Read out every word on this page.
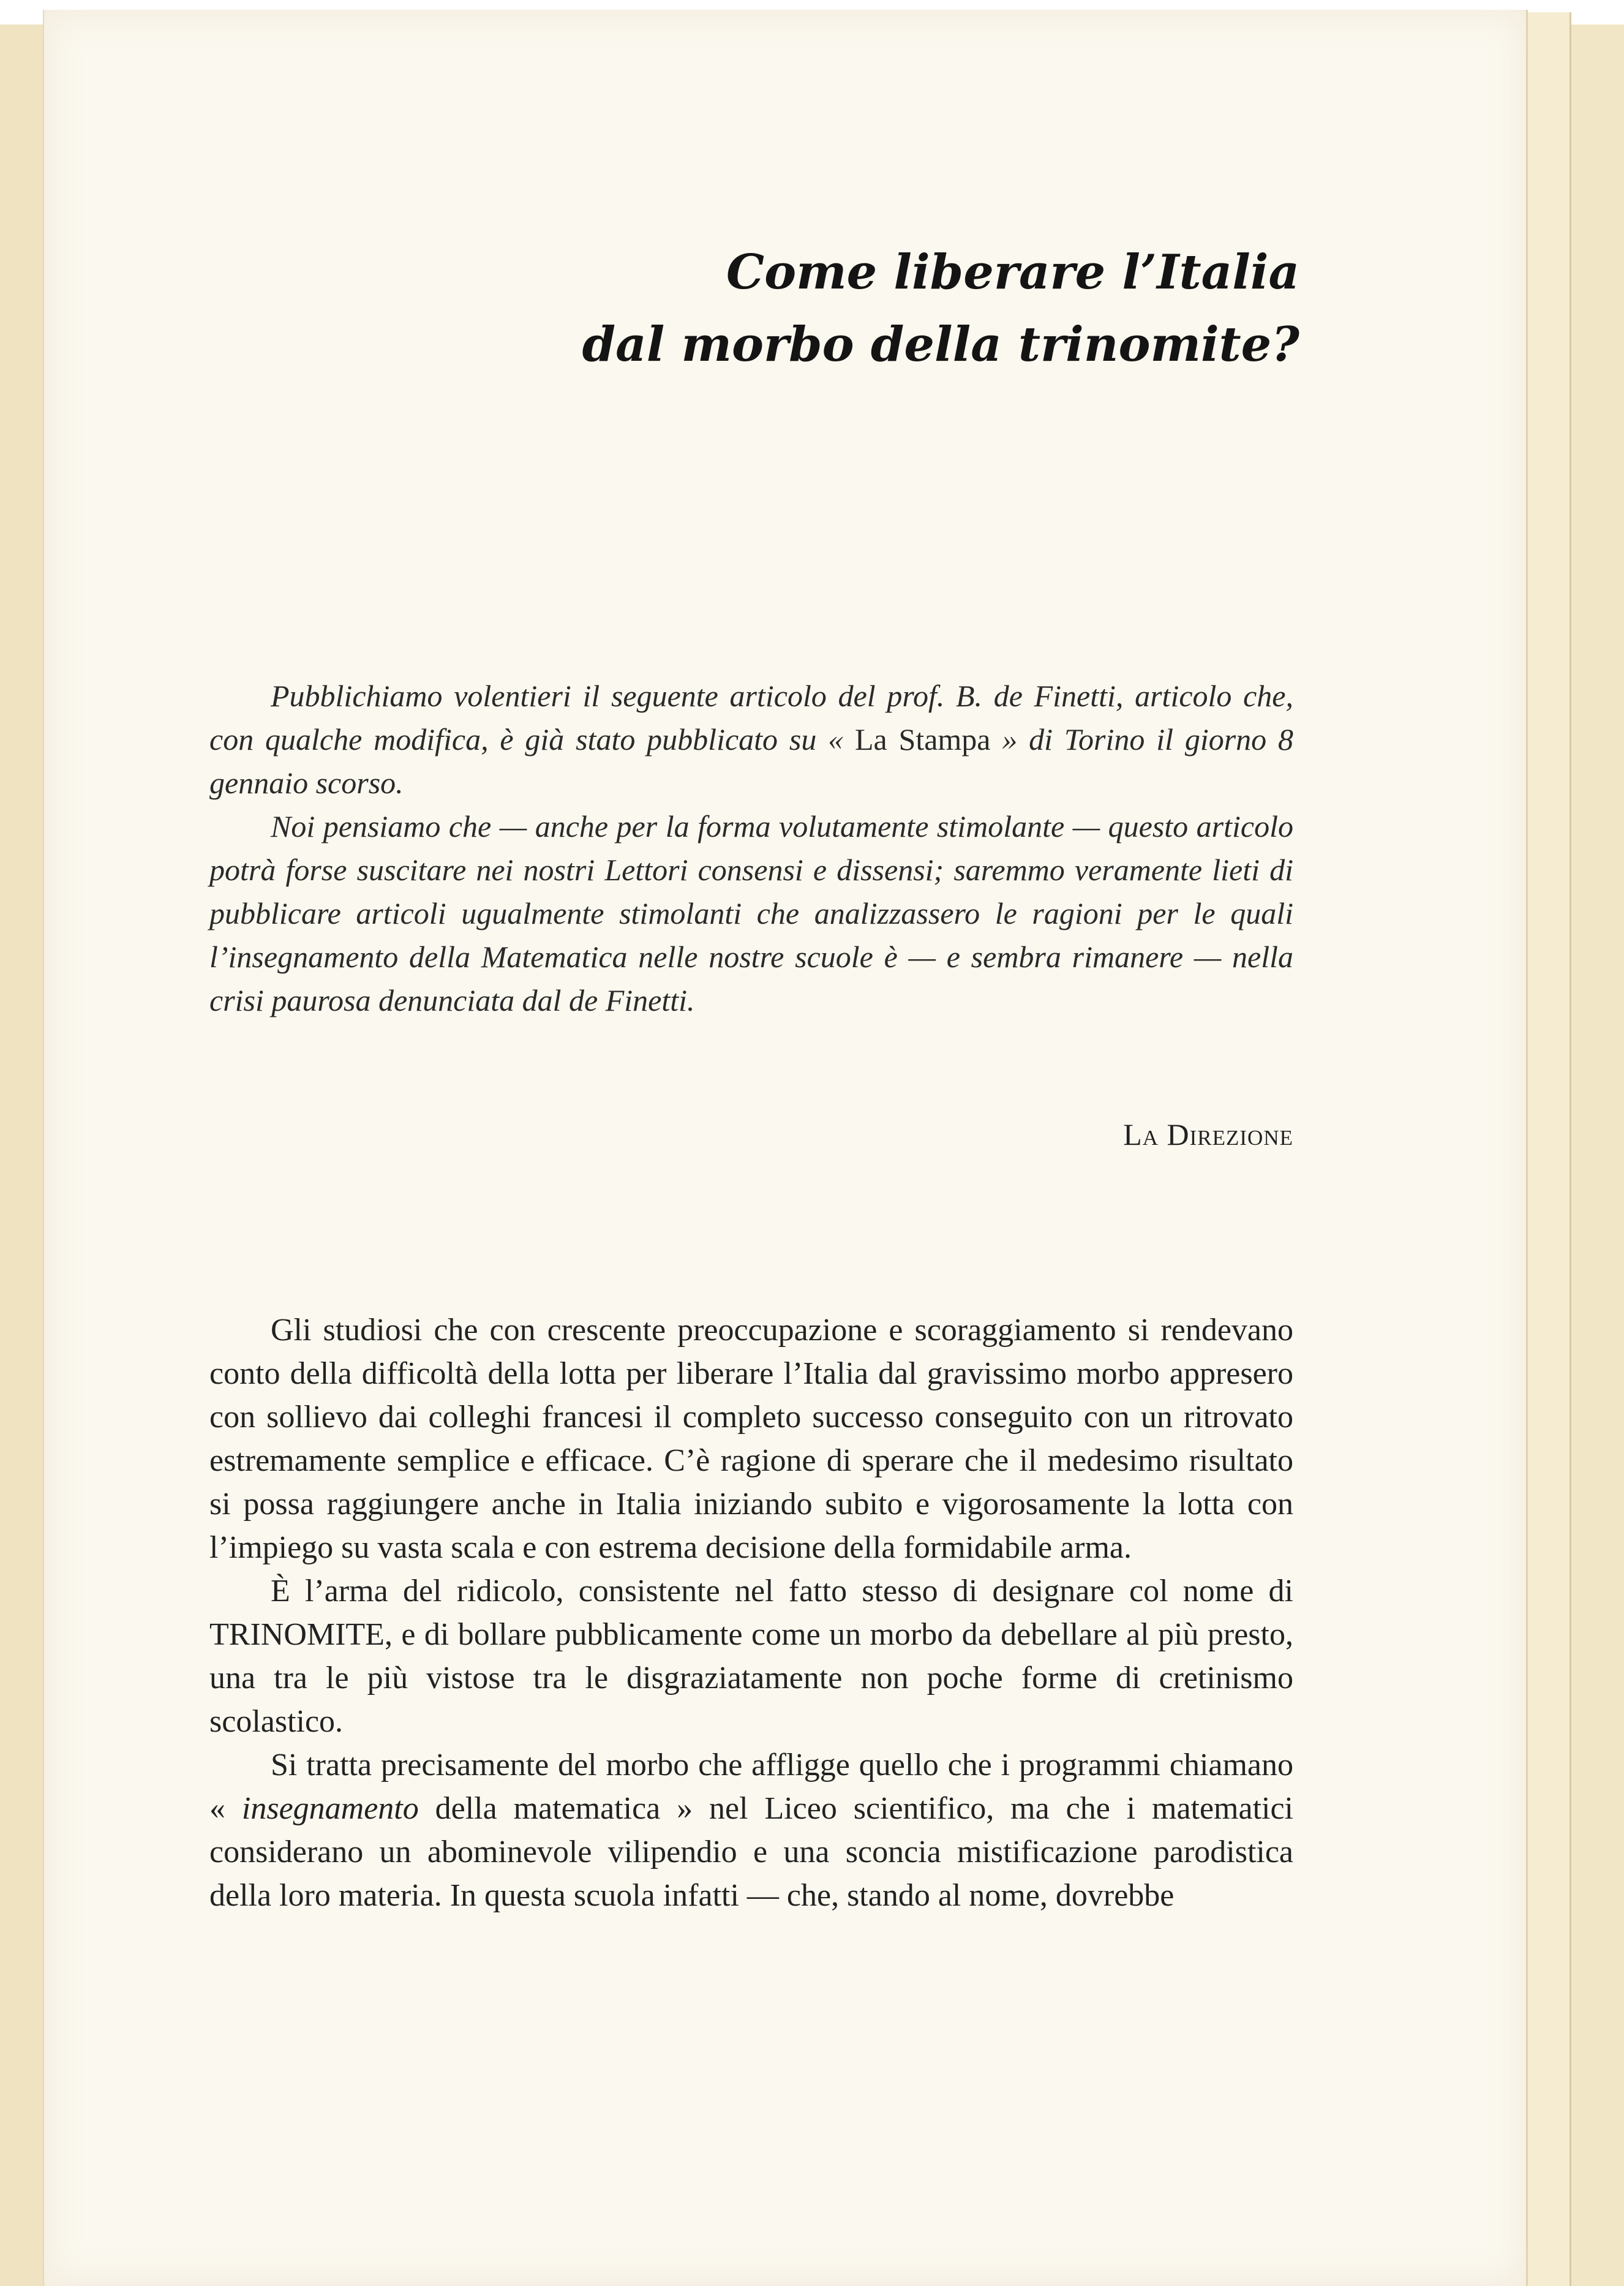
Come liberare l’Italia
dal morbo della trinomite?

Pubblichiamo volentieri il seguente articolo del prof. B. de Finetti, articolo che, con qualche modifica, è già stato pubblicato su « La Stampa » di Torino il giorno 8 gennaio scorso.

Noi pensiamo che — anche per la forma volutamente stimolante — questo articolo potrà forse suscitare nei nostri Lettori consensi e dissensi; saremmo veramente lieti di pubblicare articoli ugualmente stimolanti che analizzassero le ragioni per le quali l’insegnamento della Matematica nelle nostre scuole è — e sembra rimanere — nella crisi paurosa denunciata dal de Finetti.

La Direzione

Gli studiosi che con crescente preoccupazione e scoraggiamento si rendevano conto della difficoltà della lotta per liberare l’Italia dal gravissimo morbo appresero con sollievo dai colleghi francesi il completo successo conseguito con un ritrovato estremamente semplice e efficace. C’è ragione di sperare che il medesimo risultato si possa raggiungere anche in Italia iniziando subito e vigorosamente la lotta con l’impiego su vasta scala e con estrema decisione della formidabile arma.

È l’arma del ridicolo, consistente nel fatto stesso di designare col nome di TRINOMITE, e di bollare pubblicamente come un morbo da debellare al più presto, una tra le più vistose tra le disgraziatamente non poche forme di cretinismo scolastico.

Si tratta precisamente del morbo che affligge quello che i programmi chiamano « insegnamento della matematica » nel Liceo scientifico, ma che i matematici considerano un abominevole vilipendio e una sconcia mistificazione parodistica della loro materia. In questa scuola infatti — che, stando al nome, dovrebbe
